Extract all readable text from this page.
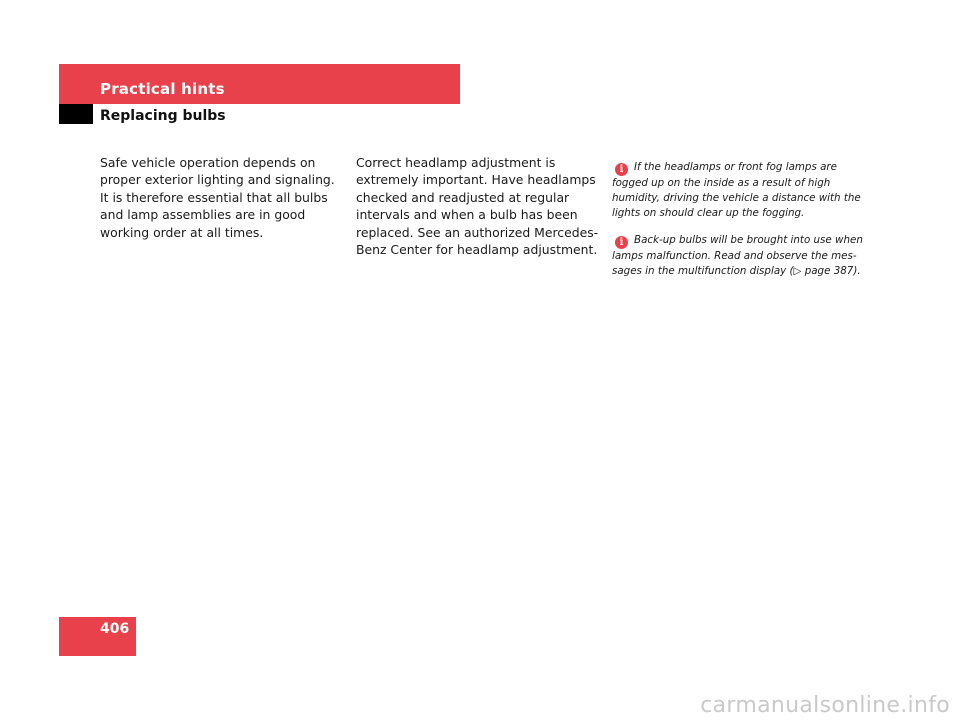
Practical hints
Replacing bulbs

Safe vehicle operation depends on proper exterior lighting and signaling. It is therefore essential that all bulbs and lamp assemblies are in good working order at all times.

Correct headlamp adjustment is extremely important. Have headlamps checked and readjusted at regular intervals and when a bulb has been replaced. See an authorized Mercedes-Benz Center for headlamp adjustment.

i If the headlamps or front fog lamps are fogged up on the inside as a result of high humidity, driving the vehicle a distance with the lights on should clear up the fogging.

i Back-up bulbs will be brought into use when lamps malfunction. Read and observe the messages in the multifunction display (▷ page 387).

406
carmanualsonline.info
